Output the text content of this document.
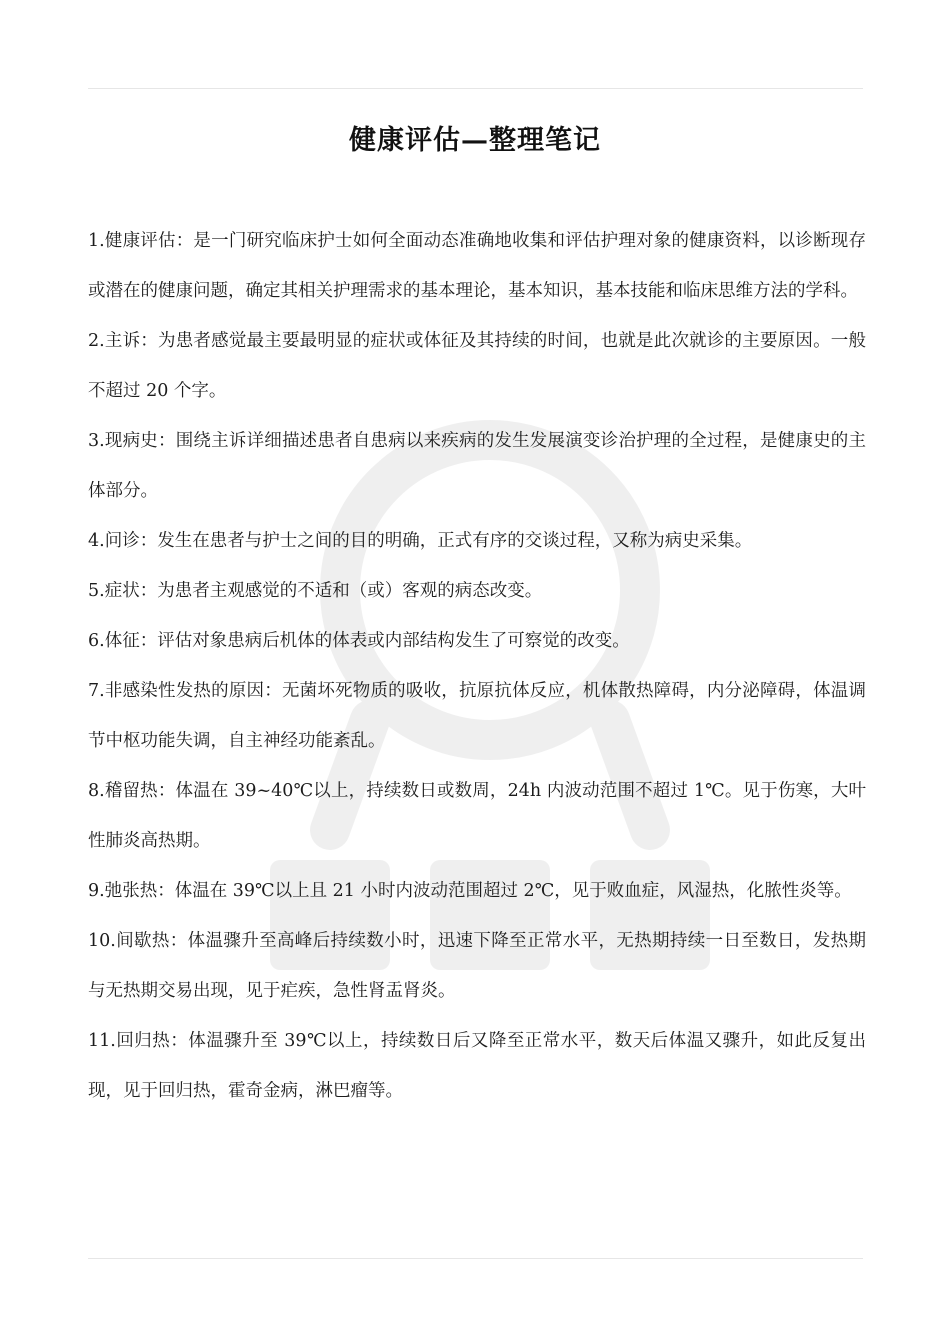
健康评估—整理笔记

1.健康评估：是一门研究临床护士如何全面动态准确地收集和评估护理对象的健康资料，以诊断现存或潜在的健康问题，确定其相关护理需求的基本理论，基本知识，基本技能和临床思维方法的学科。

2.主诉：为患者感觉最主要最明显的症状或体征及其持续的时间，也就是此次就诊的主要原因。一般不超过 20 个字。

3.现病史：围绕主诉详细描述患者自患病以来疾病的发生发展演变诊治护理的全过程，是健康史的主体部分。

4.问诊：发生在患者与护士之间的目的明确，正式有序的交谈过程，又称为病史采集。

5.症状：为患者主观感觉的不适和（或）客观的病态改变。

6.体征：评估对象患病后机体的体表或内部结构发生了可察觉的改变。

7.非感染性发热的原因：无菌坏死物质的吸收，抗原抗体反应，机体散热障碍，内分泌障碍，体温调节中枢功能失调，自主神经功能紊乱。

8.稽留热：体温在 39~40℃以上，持续数日或数周，24h 内波动范围不超过 1℃。见于伤寒，大叶性肺炎高热期。

9.弛张热：体温在 39℃以上且 21 小时内波动范围超过 2℃，见于败血症，风湿热，化脓性炎等。

10.间歇热：体温骤升至高峰后持续数小时，迅速下降至正常水平，无热期持续一日至数日，发热期与无热期交易出现，见于疟疾，急性肾盂肾炎。

11.回归热：体温骤升至 39℃以上，持续数日后又降至正常水平，数天后体温又骤升，如此反复出现，见于回归热，霍奇金病，淋巴瘤等。
